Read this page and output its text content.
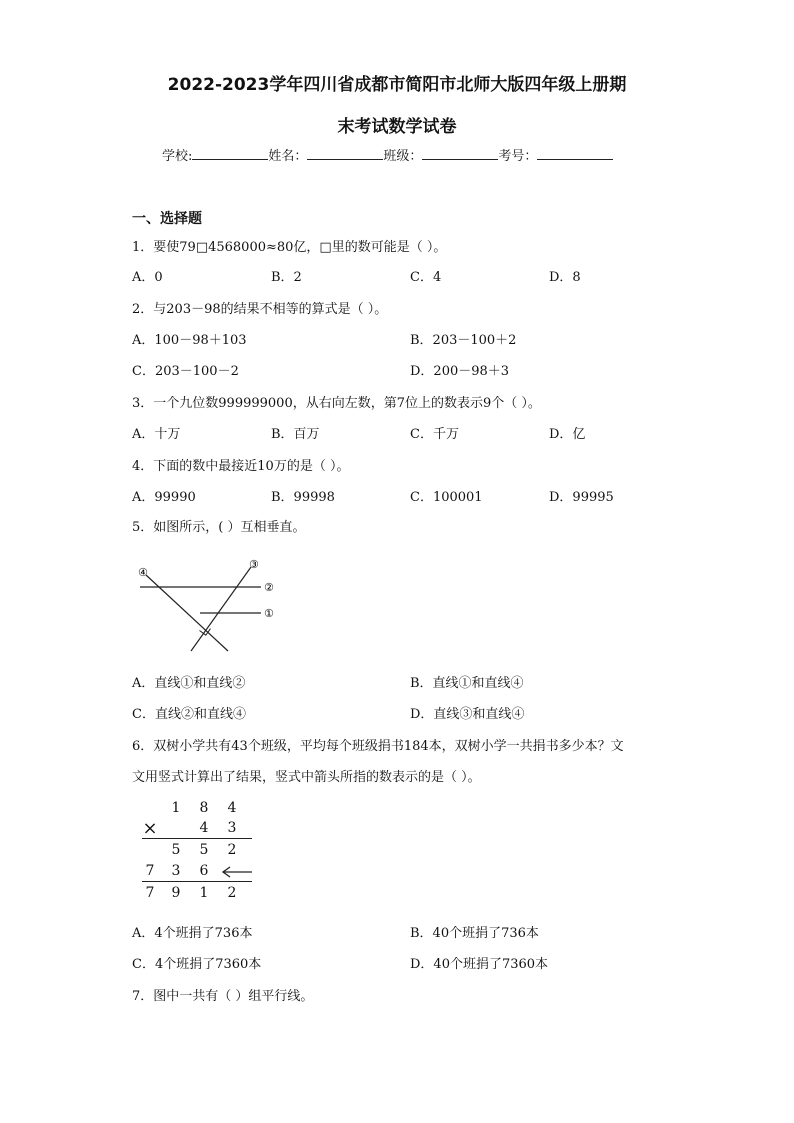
2022-2023学年四川省成都市简阳市北师大版四年级上册期
末考试数学试卷
学校:	姓名：	班级：	考号：
一、选择题
1．要使79□4568000≈80亿，□里的数可能是（ ）。
A．0	B．2	C．4	D．8
2．与203－98的结果不相等的算式是（ ）。
A．100－98＋103	B．203－100＋2
C．203－100－2	D．200－98＋3
3．一个九位数999999000，从右向左数，第7位上的数表示9个（ ）。
A．十万	B．百万	C．千万	D．亿
4．下面的数中最接近10万的是（ ）。
A．99990	B．99998	C．100001	D．99995
5．如图所示，( ）互相垂直。
④
③
②
①
A．直线①和直线②	B．直线①和直线④
C．直线②和直线④	D．直线③和直线④
6．双树小学共有43个班级，平均每个班级捐书184本，双树小学一共捐书多少本？文
文用竖式计算出了结果，竖式中箭头所指的数表示的是（ ）。
1 8 4
×	4 3
5 5 2
7 3 6
7 9 1 2
A．4个班捐了736本	B．40个班捐了736本
C．4个班捐了7360本	D．40个班捐了7360本
7．图中一共有（ ）组平行线。
